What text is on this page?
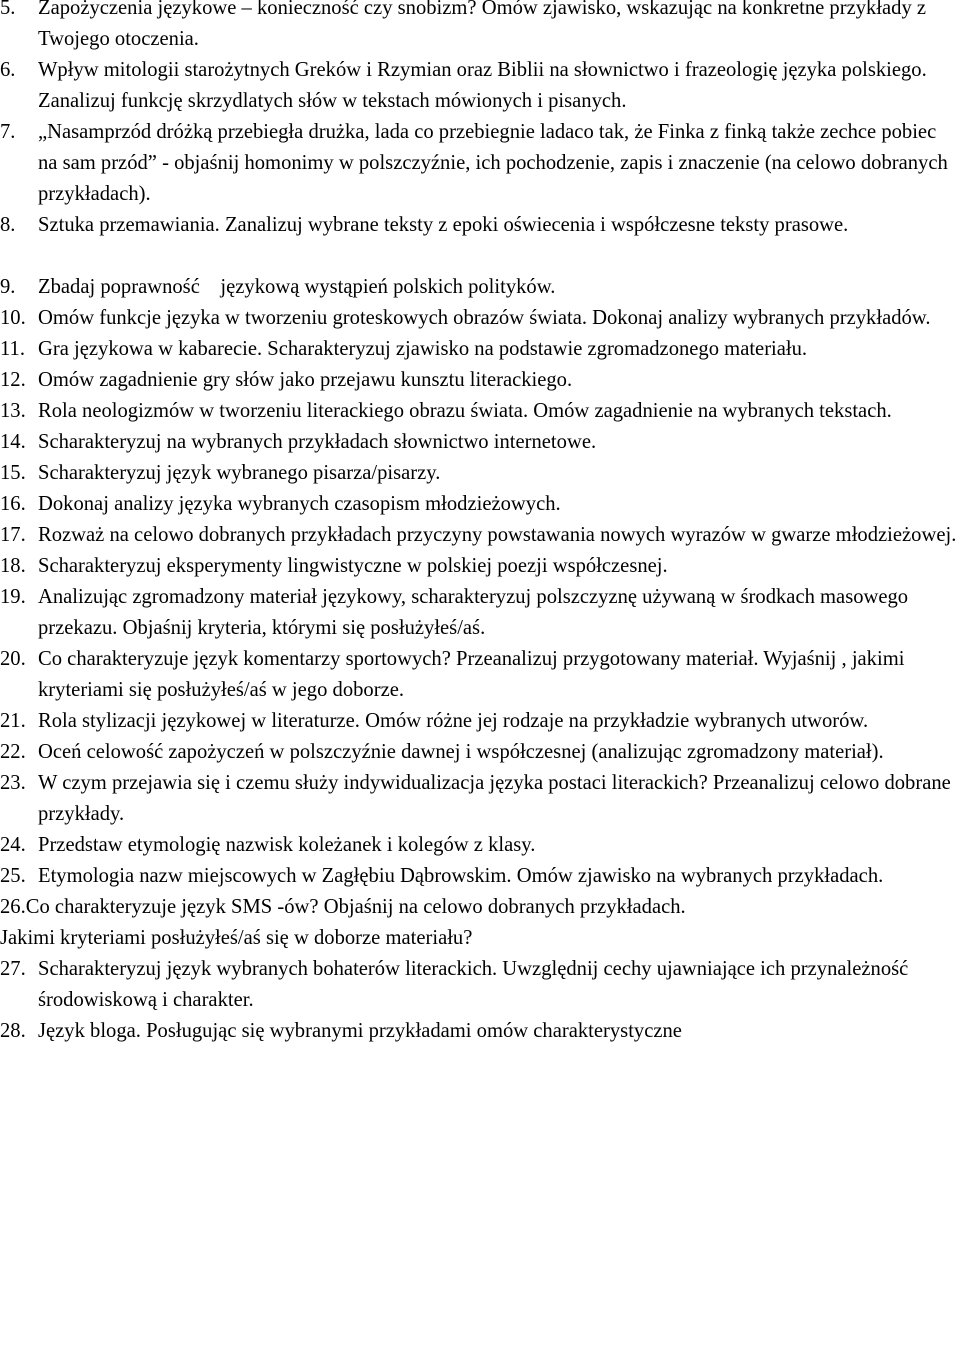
5. Zapożyczenia językowe – konieczność czy snobizm? Omów zjawisko, wskazując na konkretne przykłady z Twojego otoczenia.
6. Wpływ mitologii starożytnych Greków i Rzymian oraz Biblii na słownictwo i frazeologię języka polskiego. Zanalizuj funkcję skrzydlatych słów w tekstach mówionych i pisanych.
7. „Nasamprzód dróżką przebiegła drużka, lada co przebiegnie ladaco tak, że Finka z finką także zechce pobiec na sam przód” - objaśnij homonimy w polszczyźnie, ich pochodzenie, zapis i znaczenie (na celowo dobranych przykładach).
8. Sztuka przemawiania. Zanalizuj wybrane teksty z epoki oświecenia i współczesne teksty prasowe.
9. Zbadaj poprawność    językową wystąpień polskich polityków.
10. Omów funkcje języka w tworzeniu groteskowych obrazów świata. Dokonaj analizy wybranych przykładów.
11. Gra językowa w kabarecie. Scharakteryzuj zjawisko na podstawie zgromadzonego materiału.
12. Omów zagadnienie gry słów jako przejawu kunsztu literackiego.
13. Rola neologizmów w tworzeniu literackiego obrazu świata. Omów zagadnienie na wybranych tekstach.
14. Scharakteryzuj na wybranych przykładach słownictwo internetowe.
15. Scharakteryzuj język wybranego pisarza/pisarzy.
16. Dokonaj analizy języka wybranych czasopism młodzieżowych.
17. Rozważ na celowo dobranych przykładach przyczyny powstawania nowych wyrazów w gwarze młodzieżowej.
18. Scharakteryzuj eksperymenty lingwistyczne w polskiej poezji współczesnej.
19. Analizując zgromadzony materiał językowy, scharakteryzuj polszczyznę używaną w środkach masowego przekazu. Objaśnij kryteria, którymi się posłużyłeś/aś.
20. Co charakteryzuje język komentarzy sportowych? Przeanalizuj przygotowany materiał. Wyjaśnij , jakimi kryteriami się posłużyłeś/aś w jego doborze.
21. Rola stylizacji językowej w literaturze. Omów różne jej rodzaje na przykładzie wybranych utworów.
22. Oceń celowość zapożyczeń w polszczyźnie dawnej i współczesnej (analizując zgromadzony materiał).
23. W czym przejawia się i czemu służy indywidualizacja języka postaci literackich? Przeanalizuj celowo dobrane przykłady.
24. Przedstaw etymologię nazwisk koleżanek i kolegów z klasy.
25. Etymologia nazw miejscowych w Zagłębiu Dąbrowskim. Omów zjawisko na wybranych przykładach.
26.Co charakteryzuje język SMS -ów? Objaśnij na celowo dobranych przykładach.
Jakimi kryteriami posłużyłeś/aś się w doborze materiału?
27. Scharakteryzuj język wybranych bohaterów literackich. Uwzględnij cechy ujawniające ich przynależność środowiskową i charakter.
28. Język bloga. Posługując się wybranymi przykładami omów charakterystyczne
